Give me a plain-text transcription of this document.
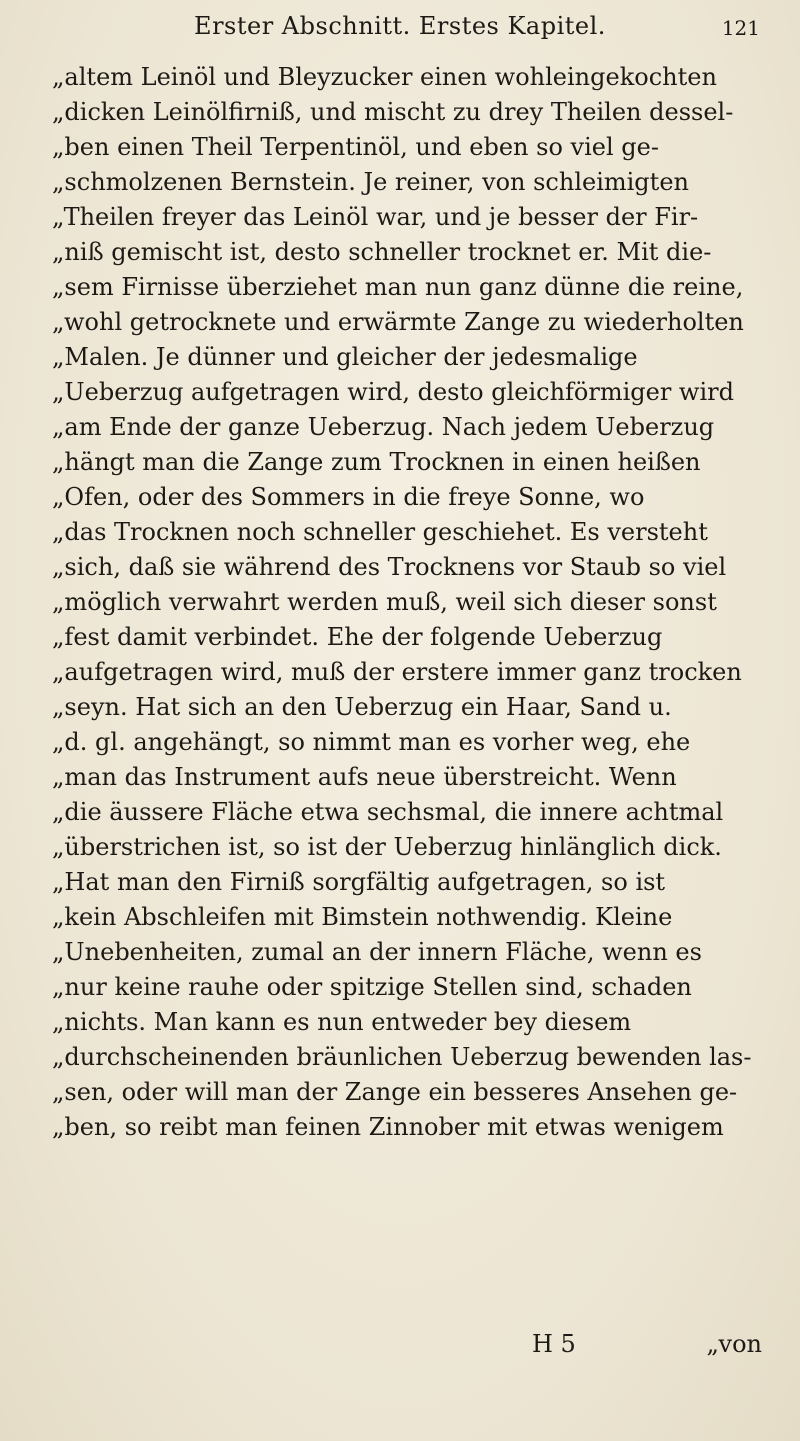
Erster Abschnitt. Erstes Kapitel.	121
„altem Leinöl und Bleyzucker einen wohleingekochten
„dicken Leinölfirniß, und mischt zu drey Theilen dessel-
„ben einen Theil Terpentinöl, und eben so viel ge-
„schmolzenen Bernstein. Je reiner, von schleimigten
„Theilen freyer das Leinöl war, und je besser der Fir-
„niß gemischt ist, desto schneller trocknet er. Mit die-
„sem Firnisse überziehet man nun ganz dünne die reine,
„wohl getrocknete und erwärmte Zange zu wiederholten
„Malen. Je dünner und gleicher der jedesmalige
„Ueberzug aufgetragen wird, desto gleichförmiger wird
„am Ende der ganze Ueberzug. Nach jedem Ueberzug
„hängt man die Zange zum Trocknen in einen heißen
„Ofen, oder des Sommers in die freye Sonne, wo
„das Trocknen noch schneller geschiehet. Es versteht
„sich, daß sie während des Trocknens vor Staub so viel
„möglich verwahrt werden muß, weil sich dieser sonst
„fest damit verbindet. Ehe der folgende Ueberzug
„aufgetragen wird, muß der erstere immer ganz trocken
„seyn. Hat sich an den Ueberzug ein Haar, Sand u.
„d. gl. angehängt, so nimmt man es vorher weg, ehe
„man das Instrument aufs neue überstreicht. Wenn
„die äussere Fläche etwa sechsmal, die innere achtmal
„überstrichen ist, so ist der Ueberzug hinlänglich dick.
„Hat man den Firniß sorgfältig aufgetragen, so ist
„kein Abschleifen mit Bimstein nothwendig. Kleine
„Unebenheiten, zumal an der innern Fläche, wenn es
„nur keine rauhe oder spitzige Stellen sind, schaden
„nichts. Man kann es nun entweder bey diesem
„durchscheinenden bräunlichen Ueberzug bewenden las-
„sen, oder will man der Zange ein besseres Ansehen ge-
„ben, so reibt man feinen Zinnober mit etwas wenigem
H 5	„von
